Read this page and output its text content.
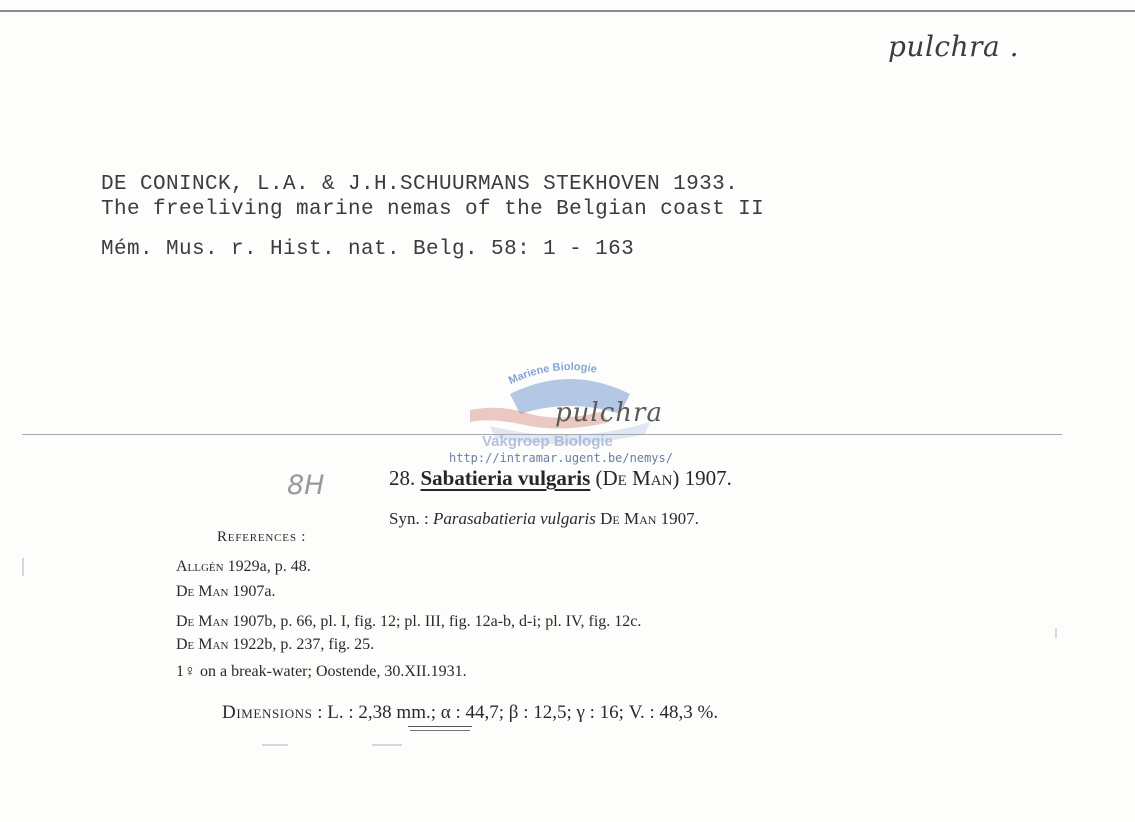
pulchra .
DE CONINCK, L.A. & J.H.SCHUURMANS STEKHOVEN 1933.
The freeliving marine nemas of the Belgian coast II
Mém. Mus. r. Hist. nat. Belg. 58: 1 - 163
Mariene Biologie
Vakgroep Biologie
pulchra
http://intramar.ugent.be/nemys/
8H	28. Sabatieria vulgaris (De Man) 1907.
Syn. : Parasabatieria vulgaris De Man 1907.
References :
Allgén 1929a, p. 48.
De Man 1907a.
De Man 1907b, p. 66, pl. I, fig. 12; pl. III, fig. 12a-b, d-i; pl. IV, fig. 12c.
De Man 1922b, p. 237, fig. 25.
1♀ on a break-water; Oostende, 30.XII.1931.
Dimensions : L. : 2,38 mm.; α : 44,7; β : 12,5; γ : 16; V. : 48,3 %.
